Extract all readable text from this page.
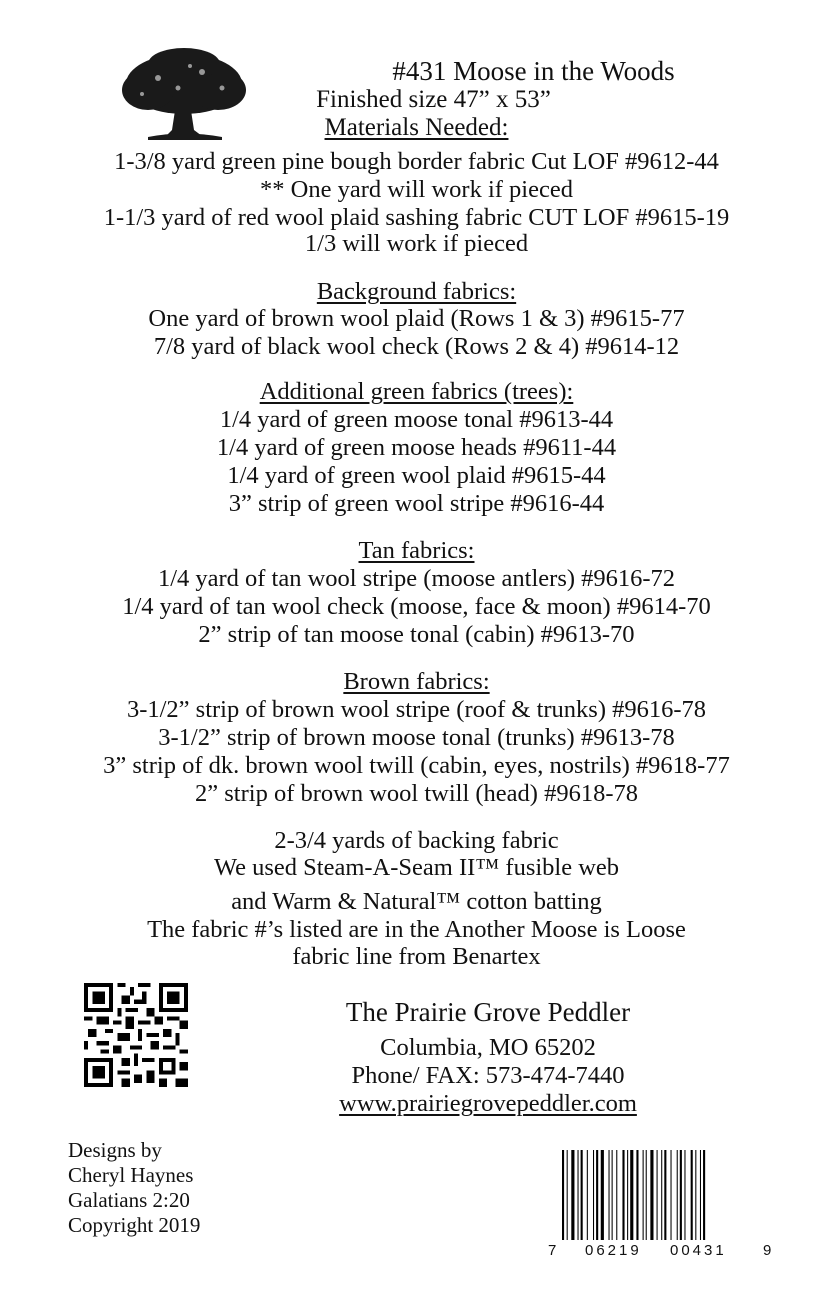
#431 Moose in the Woods
Finished size 47” x 53”
Materials Needed:
1-3/8 yard green pine bough border fabric Cut LOF #9612-44
** One yard will work if pieced
1-1/3 yard of red wool plaid sashing fabric CUT LOF #9615-19
1/3 will work if pieced
Background fabrics:
One yard of brown wool plaid (Rows 1 & 3) #9615-77
7/8 yard of black wool check (Rows 2 & 4) #9614-12
Additional green fabrics (trees):
1/4 yard of green moose tonal #9613-44
1/4 yard of green moose heads #9611-44
1/4 yard of green wool plaid #9615-44
3” strip of green wool stripe #9616-44
Tan fabrics:
1/4 yard of tan wool stripe (moose antlers) #9616-72
1/4 yard of tan wool check (moose, face & moon) #9614-70
2” strip of tan moose tonal (cabin) #9613-70
Brown fabrics:
3-1/2” strip of brown wool stripe (roof & trunks) #9616-78
3-1/2” strip of brown moose tonal (trunks) #9613-78
3” strip of dk. brown wool twill (cabin, eyes, nostrils) #9618-77
2” strip of brown wool twill (head) #9618-78
2-3/4 yards of backing fabric
We used Steam-A-Seam II™ fusible web
and Warm & Natural™ cotton batting
The fabric #’s listed are in the Another Moose is Loose
fabric line from Benartex
The Prairie Grove Peddler
Columbia, MO 65202
Phone/ FAX: 573-474-7440
www.prairiegrovepeddler.com
Designs by
Cheryl Haynes
Galatians 2:20
Copyright 2019
7 06219 00431 9
